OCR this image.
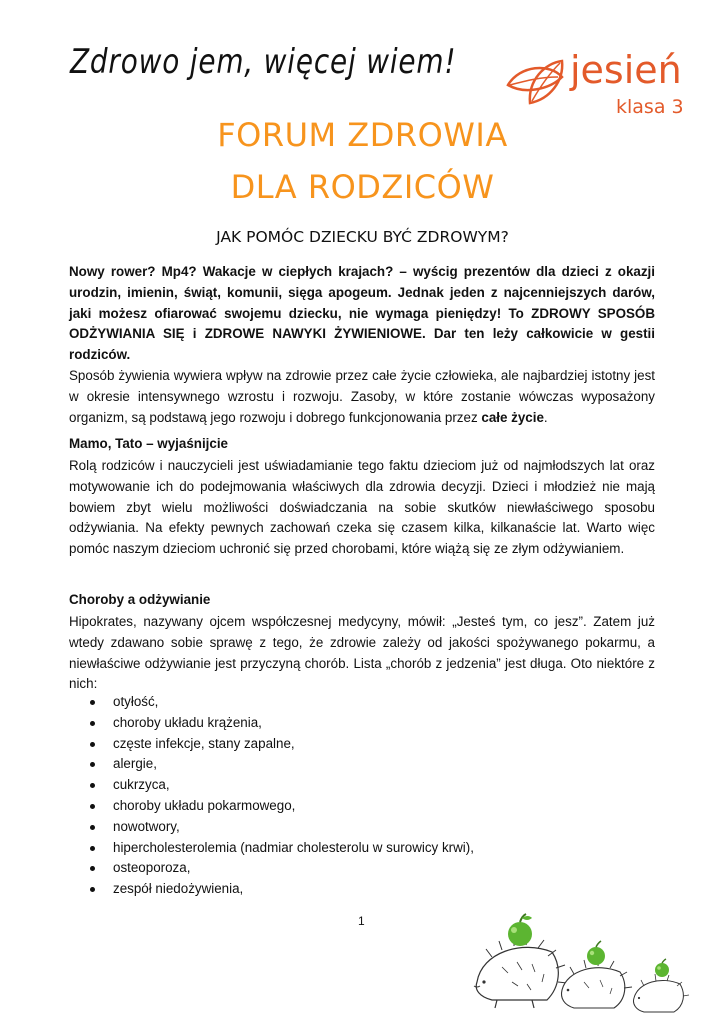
Zdrowo jem, więcej wiem!	jesień
klasa 3
FORUM ZDROWIA
DLA RODZICÓW
JAK POMÓC DZIECKU BYĆ ZDROWYM?
Nowy rower? Mp4? Wakacje w ciepłych krajach? – wyścig prezentów dla dzieci z okazji urodzin, imienin, świąt, komunii, sięga apogeum. Jednak jeden z najcenniejszych darów, jaki możesz ofiarować swojemu dziecku, nie wymaga pieniędzy! To ZDROWY SPOSÓB ODŻYWIANIA SIĘ i ZDROWE NAWYKI ŻYWIENIOWE. Dar ten leży całkowicie w gestii rodziców.
Sposób żywienia wywiera wpływ na zdrowie przez całe życie człowieka, ale najbardziej istotny jest w okresie intensywnego wzrostu i rozwoju. Zasoby, w które zostanie wówczas wyposażony organizm, są podstawą jego rozwoju i dobrego funkcjonowania przez całe życie.
Mamo, Tato – wyjaśnijcie
Rolą rodziców i nauczycieli jest uświadamianie tego faktu dzieciom już od najmłodszych lat oraz motywowanie ich do podejmowania właściwych dla zdrowia decyzji. Dzieci i młodzież nie mają bowiem zbyt wielu możliwości doświadczania na sobie skutków niewłaściwego sposobu odżywiania. Na efekty pewnych zachowań czeka się czasem kilka, kilkanaście lat. Warto więc pomóc naszym dzieciom uchronić się przed chorobami, które wiążą się ze złym odżywianiem.
Choroby a odżywianie
Hipokrates, nazywany ojcem współczesnej medycyny, mówił: „Jesteś tym, co jesz”. Zatem już wtedy zdawano sobie sprawę z tego, że zdrowie zależy od jakości spożywanego pokarmu, a niewłaściwe odżywianie jest przyczyną chorób. Lista „chorób z jedzenia” jest długa. Oto niektóre z nich:
otyłość,
choroby układu krążenia,
częste infekcje, stany zapalne,
alergie,
cukrzyca,
choroby układu pokarmowego,
nowotwory,
hipercholesterolemia (nadmiar cholesterolu w surowicy krwi),
osteoporoza,
zespół niedożywienia,
1
